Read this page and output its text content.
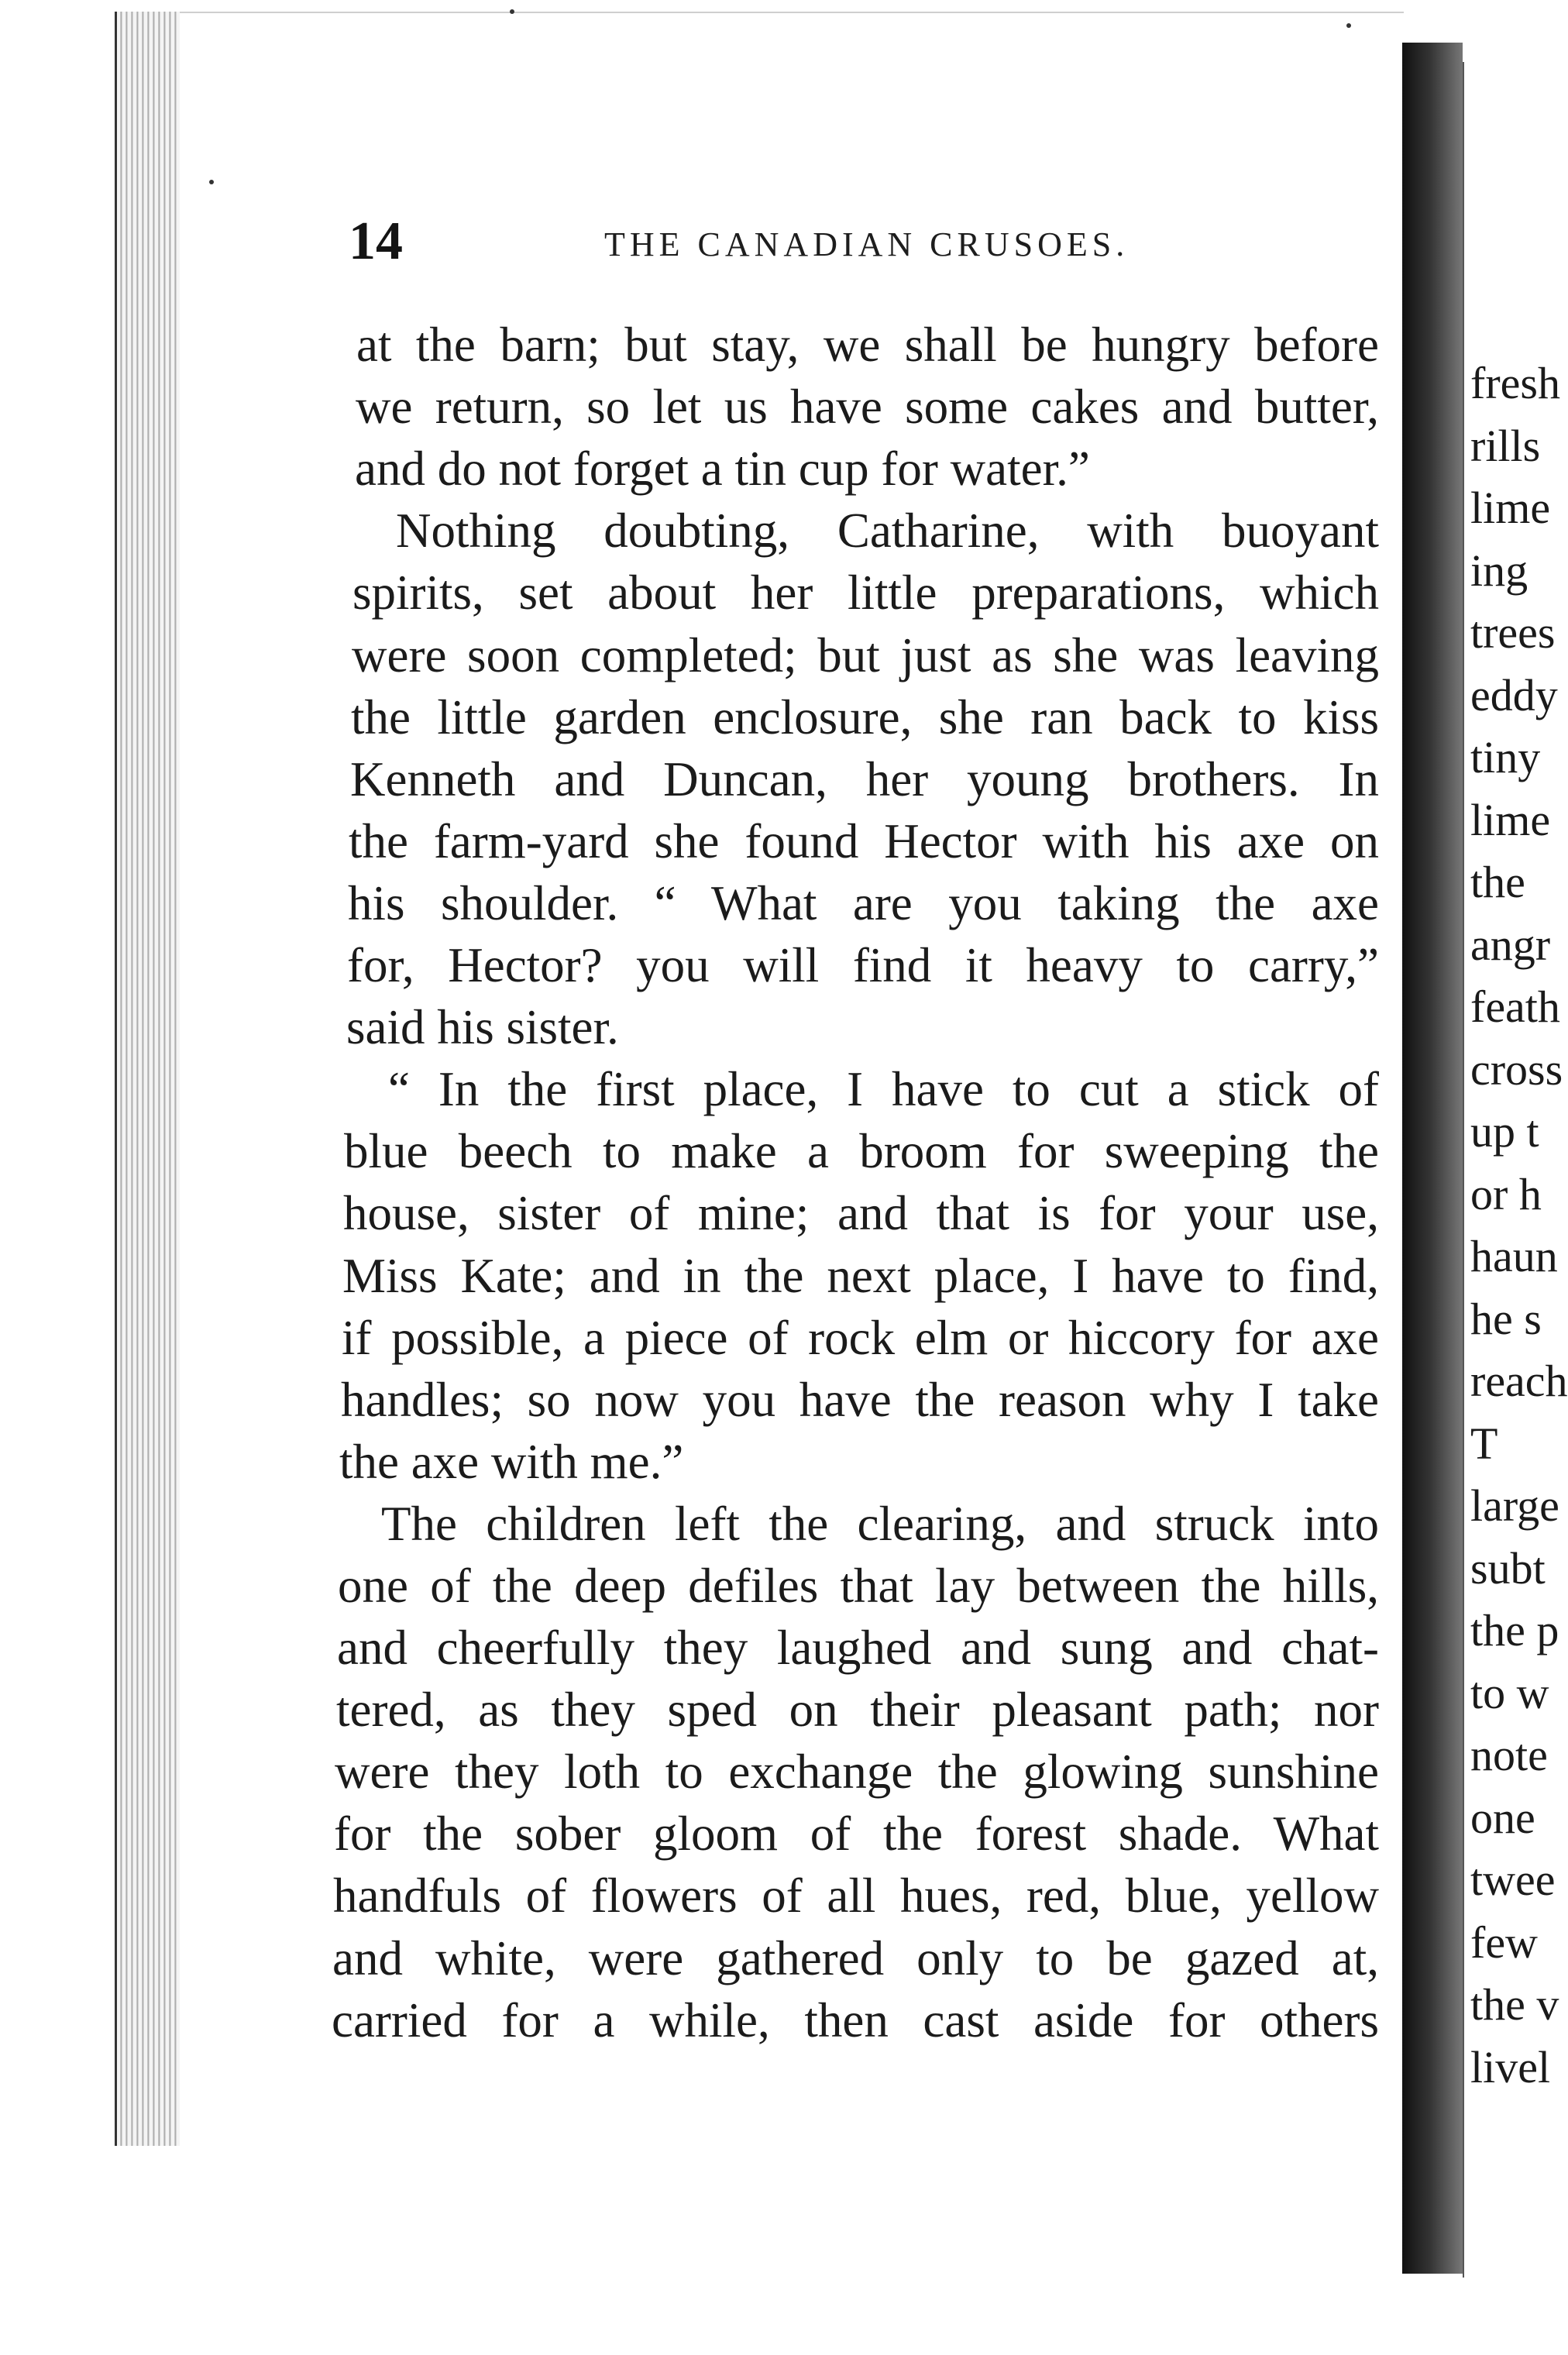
fresh
rills
lime
ing
trees
eddy
tiny
lime
the
angr
feath
cross
up t
or h
haun
he s
reach
T
large
subt
the p
to w
note
one
twee
few
the v
livel
14	THE CANADIAN CRUSOES.
at the barn; but stay, we shall be hungry before
we return, so let us have some cakes and butter,
and do not forget a tin cup for water.”
Nothing doubting, Catharine, with buoyant
spirits, set about her little preparations, which
were soon completed; but just as she was leaving
the little garden enclosure, she ran back to kiss
Kenneth and Duncan, her young brothers. In
the farm-yard she found Hector with his axe on
his shoulder. “ What are you taking the axe
for, Hector? you will find it heavy to carry,”
said his sister.
“ In the first place, I have to cut a stick of
blue beech to make a broom for sweeping the
house, sister of mine; and that is for your use,
Miss Kate; and in the next place, I have to find,
if possible, a piece of rock elm or hiccory for axe
handles; so now you have the reason why I take
the axe with me.”
The children left the clearing, and struck into
one of the deep defiles that lay between the hills,
and cheerfully they laughed and sung and chat-
tered, as they sped on their pleasant path; nor
were they loth to exchange the glowing sunshine
for the sober gloom of the forest shade. What
handfuls of flowers of all hues, red, blue, yellow
and white, were gathered only to be gazed at,
carried for a while, then cast aside for others
